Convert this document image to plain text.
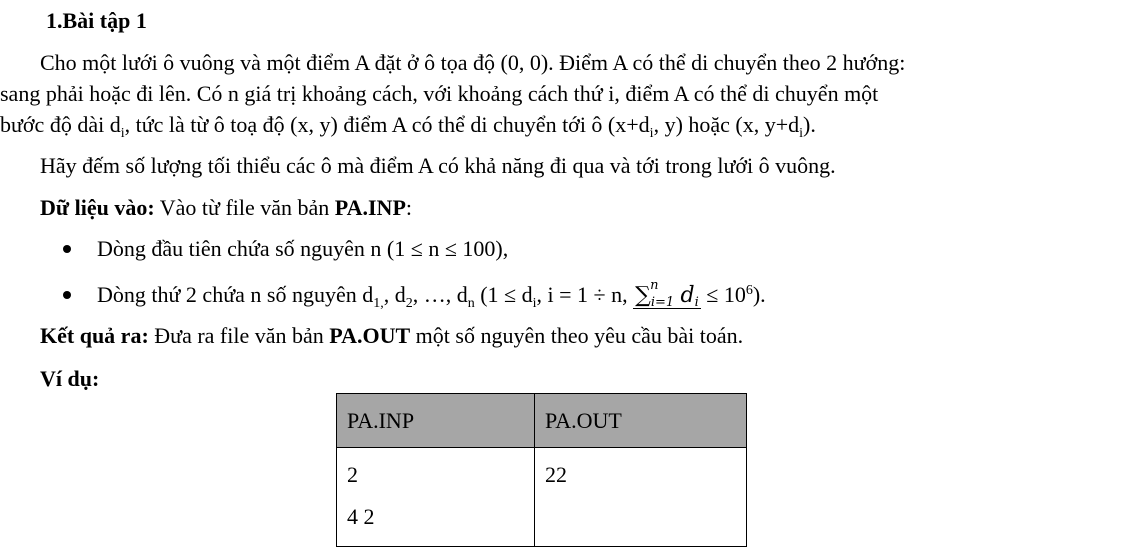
1.Bài tập 1
Cho một lưới ô vuông và một điểm A đặt ở ô tọa độ (0, 0). Điểm A có thể di chuyển theo 2 hướng:
sang phải hoặc đi lên. Có n giá trị khoảng cách, với khoảng cách thứ i, điểm A có thể di chuyển một
bước độ dài $d_i$, tức là từ ô toạ độ (x, y) điểm A có thể di chuyển tới ô ($x+d_i$, y) hoặc (x, $y+d_i$).
Hãy đếm số lượng tối thiểu các ô mà điểm A có khả năng đi qua và tới trong lưới ô vuông.
Dữ liệu vào: Vào từ file văn bản PA.INP:
Dòng đầu tiên chứa số nguyên n (1 ≤ n ≤ 100),
Dòng thứ 2 chứa n số nguyên $d_{1,}$, $d_2$, …, $d_n$ ($1 \le d_i$, i = 1 ÷ n, ∑ n
$_{i=1}$ $d_i \le 10^6$).
Kết quả ra: Đưa ra file văn bản PA.OUT một số nguyên theo yêu cầu bài toán.
Ví dụ:
PA.INP	PA.OUT

2
4 2	22
